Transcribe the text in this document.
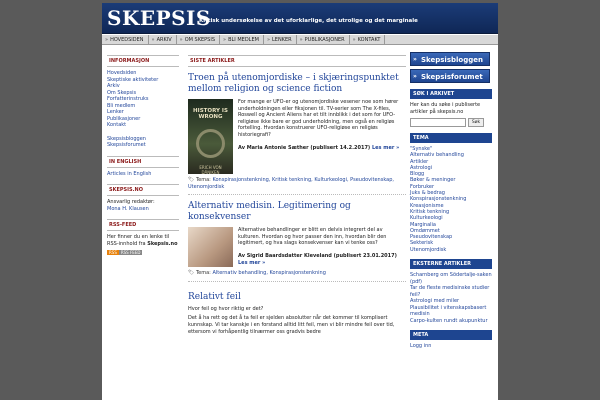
SKEPSIS
Kritisk undersøkelse av det uforklarlige, det utrolige og det marginale
» HOVEDSIDEN	» ARKIV	» OM SKEPSIS	» BLI MEDLEM	» LENKER	» PUBLIKASJONER	» KONTAKT
INFORMASJON
Hovedsiden
Skeptiske aktiviteter
Arkiv
Om Skepsis
Forfatterinstruks
Bli medlem
Lenker
Publikasjoner
Kontakt
Skepsisbloggen
Skepsisforumet
IN ENGLISH
Articles in English
SKEPSIS.NO
Ansvarlig redaktør:
Mona H. Klausen
RSS-FEED
Her finner du en lenke til RSS-innhold fra Skepsis.no
RSS	RSS FEED
SISTE ARTIKLER
Troen på utenomjordiske – i skjæringspunktet mellom religion og science fiction
HISTORY IS WRONG
ERICH VON DÄNIKEN
For mange er UFO-er og utenomjordiske vesener noe som hører underholdningen eller fiksjonen til. TV-serier som The X-files, Roswell og Ancient Aliens har et tilt innblikk i det som for UFO-religiøse ikke bare er god underholdning, men også en religiøs fortelling. Hvordan konstruerer UFO-religiøse en religiøs historiegrafi?
Av Maria Antonie Sæther (publisert 14.2.2017) Les mer »
🏷 Tema: Konspirasjonstenkning, Kritisk tenkning, Kulturkeologi, Pseudovitenskap, Utenomjordisk
Alternativ medisin. Legitimering og konsekvenser
Alternative behandlinger er blitt en delvis integrert del av kulturen. Hvordan og hvor passer den inn, hvordan blir den legitimert, og hva slags konsekvenser kan vi tenke oss?
Av Sigrid Baardsdatter Kleveland (publisert 23.01.2017) Les mer »
🏷 Tema: Alternativ behandling, Konspirasjonstenkning
Relativt feil
Hvor feil og hvor riktig er det?
Det å ha rett og det å ta feil er sjelden absolutter når det kommer til komplisert kunnskap. Vi tar kanskje i en forstand alltid litt feil, men vi blir mindre feil over tid, ettersom vi forhåpentlig tilnærmer oss gradvis bedre
» Skepsisbloggen
» Skepsisforumet
SØK I ARKIVET
Her kan du søke i publiserte artikler på skepsis.no
Søk
TEMA
"Synske"
Alternativ behandling
Artikler
Astrologi
Blogg
Bøker & meninger
Forbruker
Juks & bedrag
Konspirasjonstenkning
Kreasjonisme
Kritisk tenkning
Kulturkeologi
Marginalia
Omdømmet
Pseudovitenskap
Sekterisk
Utenomjordisk
EKSTERNE ARTIKLER
Scharnberg om Södertalje-saken (pdf)
Tar de fleste medisinske studier feil?
Astrologi med miler
Plausibilitet i vitenskapsbasert medisin
Carpo-kulten rundt akupunktur
META
Logg inn
